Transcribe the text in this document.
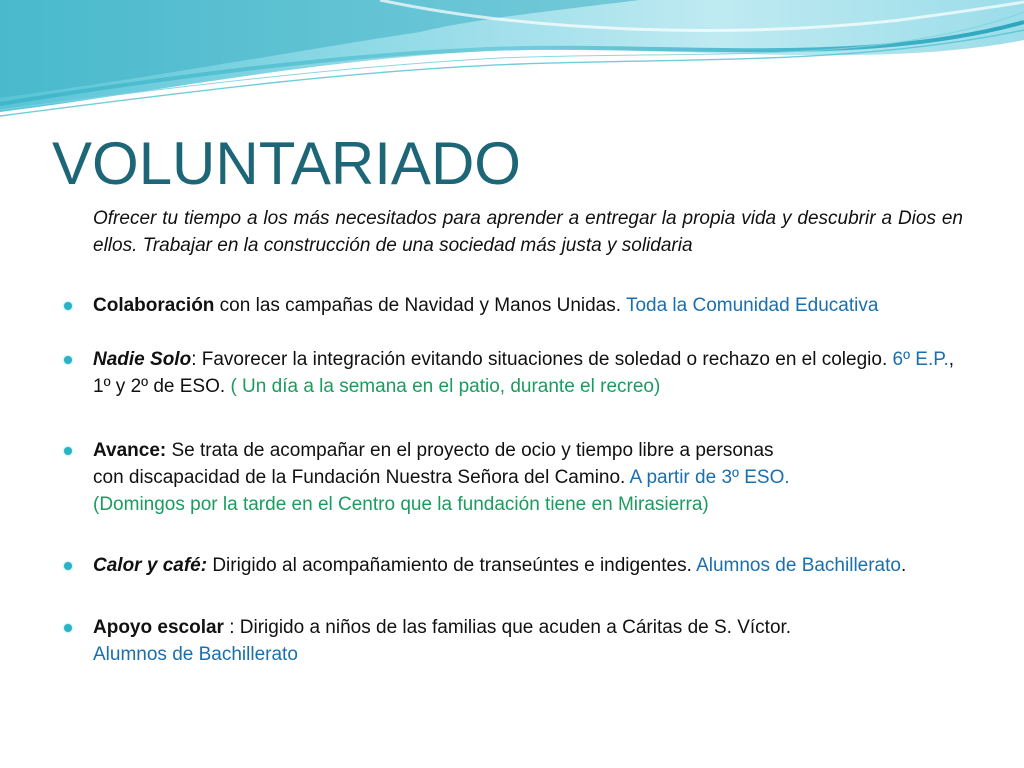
VOLUNTARIADO

Ofrecer tu tiempo a los más necesitados para aprender a entregar la propia vida y descubrir a Dios en ellos. Trabajar en la construcción de una sociedad más justa y solidaria

Colaboración con las campañas de Navidad y Manos Unidas. Toda la Comunidad Educativa
Nadie Solo: Favorecer la integración evitando situaciones de soledad o rechazo en el colegio. 6º E.P., 1º y 2º de ESO. ( Un día a la semana en el patio, durante el recreo)
Avance: Se trata de acompañar en el proyecto de ocio y tiempo libre a personas
con discapacidad de la Fundación Nuestra Señora del Camino. A partir de 3º ESO.
(Domingos por la tarde en el Centro que la fundación tiene en Mirasierra)
Calor y café: Dirigido al acompañamiento de transeúntes e indigentes. Alumnos de Bachillerato.
Apoyo escolar : Dirigido a niños de las familias que acuden a Cáritas de S. Víctor.
Alumnos de Bachillerato
